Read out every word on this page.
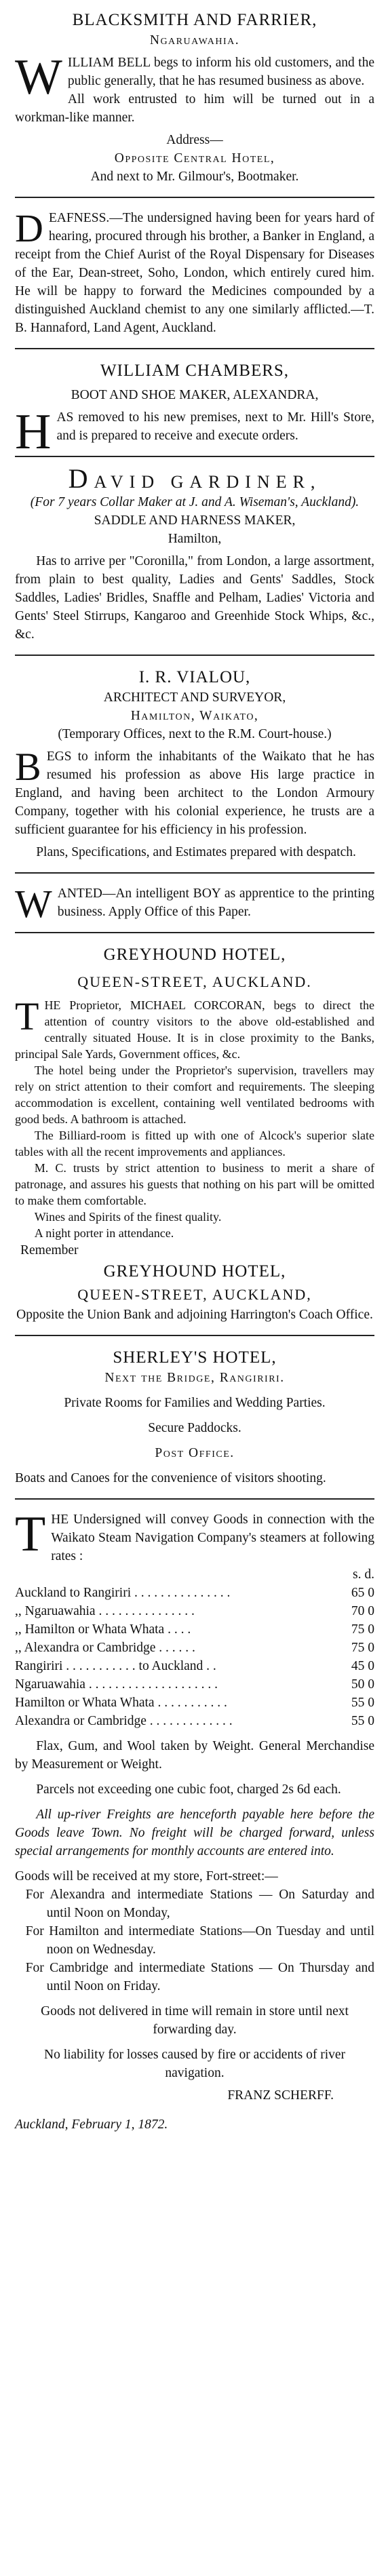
BLACKSMITH AND FARRIER,
Ngaruawahia.

W ILLIAM BELL begs to inform his old customers, and the public generally, that he has resumed business as above.

All work entrusted to him will be turned out in a workman-like manner.

Address—
Opposite Central Hotel,
And next to Mr. Gilmour's, Bootmaker.

D EAFNESS.—The undersigned having been for years hard of hearing, procured through his brother, a Banker in England, a receipt from the Chief Aurist of the Royal Dispensary for Diseases of the Ear, Dean-street, Soho, London, which entirely cured him. He will be happy to forward the Medicines compounded by a distinguished Auckland chemist to any one similarly afflicted.—T. B. Hannaford, Land Agent, Auckland.

WILLIAM CHAMBERS,
BOOT AND SHOE MAKER, ALEXANDRA,

H AS removed to his new premises, next to Mr. Hill's Store, and is prepared to receive and execute orders.

DAVID GARDINER,
(For 7 years Collar Maker at J. and A. Wiseman's, Auckland).
SADDLE AND HARNESS MAKER,
Hamilton,

Has to arrive per "Coronilla," from London, a large assortment, from plain to best quality, Ladies and Gents' Saddles, Stock Saddles, Ladies' Bridles, Snaffle and Pelham, Ladies' Victoria and Gents' Steel Stirrups, Kangaroo and Greenhide Stock Whips, &c., &c.

I. R. VIALOU,
ARCHITECT AND SURVEYOR,
Hamilton, Waikato,
(Temporary Offices, next to the R.M. Court-house.)

B EGS to inform the inhabitants of the Waikato that he has resumed his profession as above His large practice in England, and having been architect to the London Armoury Company, together with his colonial experience, he trusts are a sufficient guarantee for his efficiency in his profession.

Plans, Specifications, and Estimates prepared with despatch.

W ANTED—An intelligent BOY as apprentice to the printing business. Apply Office of this Paper.

GREYHOUND HOTEL,
QUEEN-STREET, AUCKLAND.

T HE Proprietor, MICHAEL CORCORAN, begs to direct the attention of country visitors to the above old-established and centrally situated House. It is in close proximity to the Banks, principal Sale Yards, Government offices, &c.

The hotel being under the Proprietor's supervision, travellers may rely on strict attention to their comfort and requirements. The sleeping accommodation is excellent, containing well ventilated bedrooms with good beds. A bathroom is attached.

The Billiard-room is fitted up with one of Alcock's superior slate tables with all the recent improvements and appliances.

M. C. trusts by strict attention to business to merit a share of patronage, and assures his guests that nothing on his part will be omitted to make them comfortable.

Wines and Spirits of the finest quality.

A night porter in attendance.

Remember

GREYHOUND HOTEL,
QUEEN-STREET, AUCKLAND,

Opposite the Union Bank and adjoining Harrington's Coach Office.

SHERLEY'S HOTEL,
Next the Bridge, Rangiriri.

Private Rooms for Families and Wedding Parties.

Secure Paddocks.

Post Office.

Boats and Canoes for the convenience of visitors shooting.

T HE Undersigned will convey Goods in connection with the Waikato Steam Navigation Company's steamers at following rates :

s. d.
Auckland to Rangiriri . . . . . . . . . . . . . . .	65 0
,, Ngaruawahia . . . . . . . . . . . . . . .	70 0
,, Hamilton or Whata Whata . . . .	75 0
,, Alexandra or Cambridge . . . . . .	75 0
Rangiriri . . . . . . . . . . . to Auckland . .	45 0
Ngaruawahia . . . . . . . . . . . . . . . . . . . .	50 0
Hamilton or Whata Whata . . . . . . . . . . .	55 0
Alexandra or Cambridge . . . . . . . . . . . . .	55 0

Flax, Gum, and Wool taken by Weight. General Merchandise by Measurement or Weight.

Parcels not exceeding one cubic foot, charged 2s 6d each.

All up-river Freights are henceforth payable here before the Goods leave Town. No freight will be charged forward, unless special arrangements for monthly accounts are entered into.

Goods will be received at my store, Fort-street:—

For Alexandra and intermediate Stations — On Saturday and until Noon on Monday,

For Hamilton and intermediate Stations—On Tuesday and until noon on Wednesday.

For Cambridge and intermediate Stations — On Thursday and until Noon on Friday.

Goods not delivered in time will remain in store until next forwarding day.

No liability for losses caused by fire or accidents of river navigation.

FRANZ SCHERFF.

Auckland, February 1, 1872.
